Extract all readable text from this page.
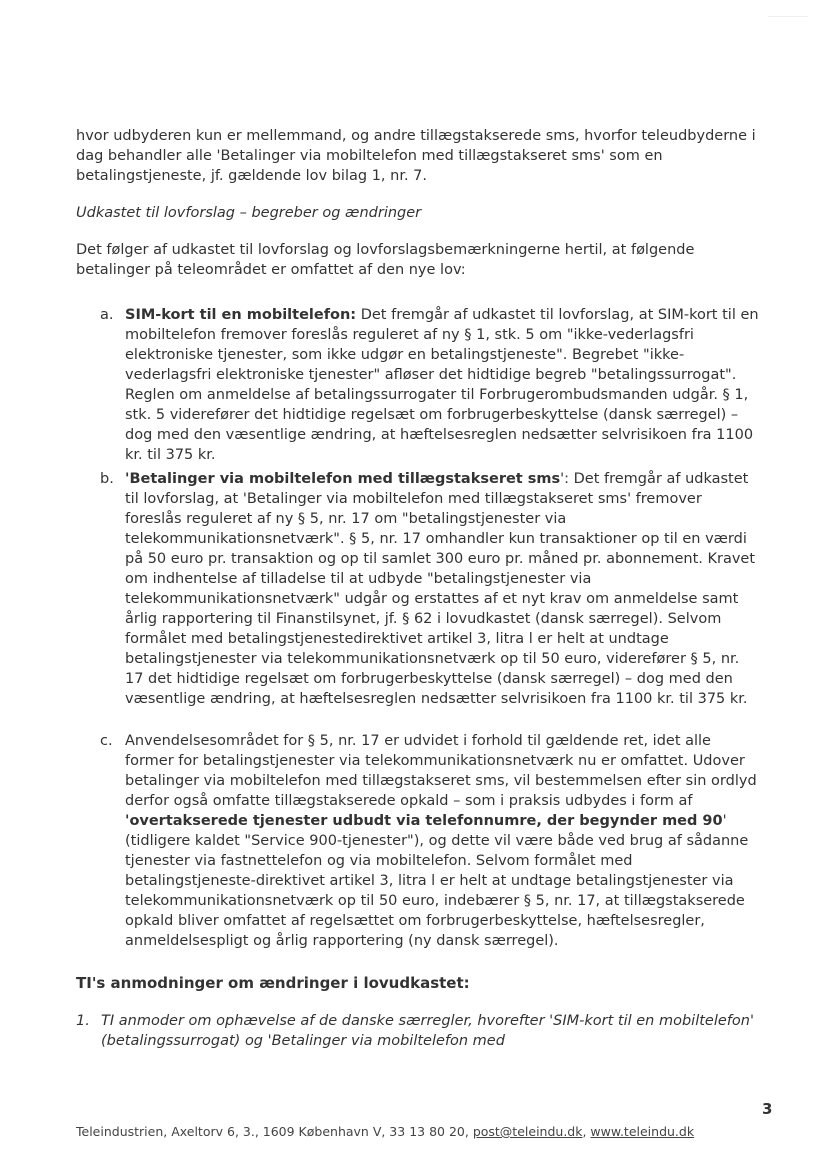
hvor udbyderen kun er mellemmand, og andre tillægstakserede sms, hvorfor teleudbyderne i dag behandler alle 'Betalinger via mobiltelefon med tillægstakseret sms' som en betalingstjeneste, jf. gældende lov bilag 1, nr. 7.

Udkastet til lovforslag – begreber og ændringer

Det følger af udkastet til lovforslag og lovforslagsbemærkningerne hertil, at følgende betalinger på teleområdet er omfattet af den nye lov:

a. SIM-kort til en mobiltelefon: Det fremgår af udkastet til lovforslag, at SIM-kort til en mobiltelefon fremover foreslås reguleret af ny § 1, stk. 5 om "ikke-vederlagsfri elektroniske tjenester, som ikke udgør en betalingstjeneste". Begrebet "ikke-vederlagsfri elektroniske tjenester" afløser det hidtidige begreb "betalingssurrogat". Reglen om anmeldelse af betalingssurrogater til Forbrugerombudsmanden udgår. § 1, stk. 5 viderefører det hidtidige regelsæt om forbrugerbeskyttelse (dansk særregel) – dog med den væsentlige ændring, at hæftelsesreglen nedsætter selvrisikoen fra 1100 kr. til 375 kr.
b. 'Betalinger via mobiltelefon med tillægstakseret sms': Det fremgår af udkastet til lovforslag, at 'Betalinger via mobiltelefon med tillægstakseret sms' fremover foreslås reguleret af ny § 5, nr. 17 om "betalingstjenester via telekommunikationsnetværk". § 5, nr. 17 omhandler kun transaktioner op til en værdi på 50 euro pr. transaktion og op til samlet 300 euro pr. måned pr. abonnement. Kravet om indhentelse af tilladelse til at udbyde "betalingstjenester via telekommunikationsnetværk" udgår og erstattes af et nyt krav om anmeldelse samt årlig rapportering til Finanstilsynet, jf. § 62 i lovudkastet (dansk særregel). Selvom formålet med betalingstjenestedirektivet artikel 3, litra l er helt at undtage betalingstjenester via telekommunikationsnetværk op til 50 euro, viderefører § 5, nr. 17 det hidtidige regelsæt om forbrugerbeskyttelse (dansk særregel) – dog med den væsentlige ændring, at hæftelsesreglen nedsætter selvrisikoen fra 1100 kr. til 375 kr.
c. Anvendelsesområdet for § 5, nr. 17 er udvidet i forhold til gældende ret, idet alle former for betalingstjenester via telekommunikationsnetværk nu er omfattet. Udover betalinger via mobiltelefon med tillægstakseret sms, vil bestemmelsen efter sin ordlyd derfor også omfatte tillægstakserede opkald – som i praksis udbydes i form af 'overtakserede tjenester udbudt via telefonnumre, der begynder med 90' (tidligere kaldet "Service 900-tjenester"), og dette vil være både ved brug af sådanne tjenester via fastnettelefon og via mobiltelefon. Selvom formålet med betalingstjeneste-direktivet artikel 3, litra l er helt at undtage betalingstjenester via telekommunikationsnetværk op til 50 euro, indebærer § 5, nr. 17, at tillægstakserede opkald bliver omfattet af regelsættet om forbrugerbeskyttelse, hæftelsesregler, anmeldelsespligt og årlig rapportering (ny dansk særregel).

TI's anmodninger om ændringer i lovudkastet:

1. TI anmoder om ophævelse af de danske særregler, hvorefter 'SIM-kort til en mobiltelefon' (betalingssurrogat) og 'Betalinger via mobiltelefon med
3
Teleindustrien, Axeltorv 6, 3., 1609 København V, 33 13 80 20, post@teleindu.dk, www.teleindu.dk
